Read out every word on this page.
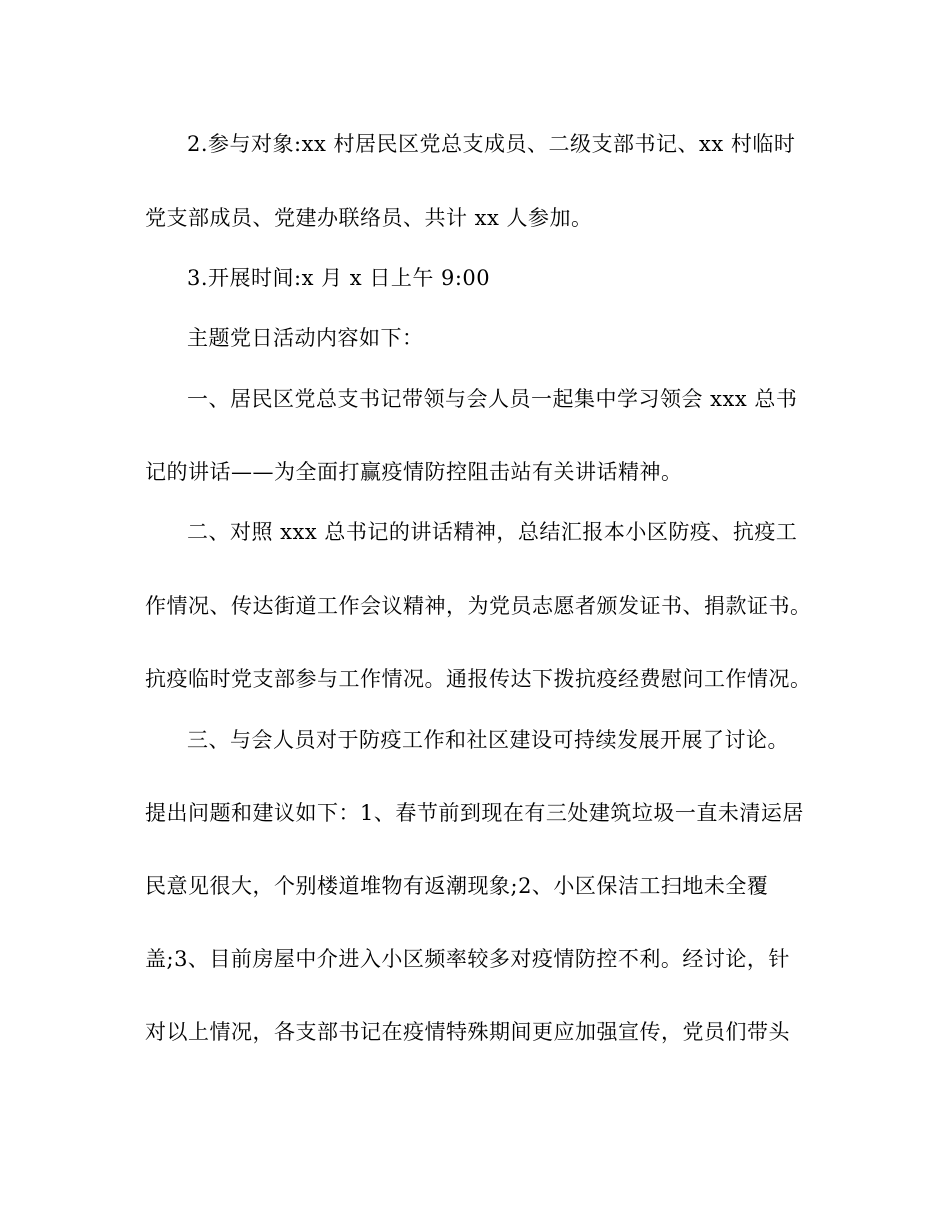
2.参与对象:xx 村居民区党总支成员、二级支部书记、xx 村临时
党支部成员、党建办联络员、共计 xx 人参加。
3.开展时间:x 月 x 日上午 9:00
主题党日活动内容如下：
一、居民区党总支书记带领与会人员一起集中学习领会 xxx 总书
记的讲话——为全面打赢疫情防控阻击站有关讲话精神。
二、对照 xxx 总书记的讲话精神，总结汇报本小区防疫、抗疫工
作情况、传达街道工作会议精神，为党员志愿者颁发证书、捐款证书。
抗疫临时党支部参与工作情况。通报传达下拨抗疫经费慰问工作情况。
三、与会人员对于防疫工作和社区建设可持续发展开展了讨论。
提出问题和建议如下：1、春节前到现在有三处建筑垃圾一直未清运居
民意见很大，个别楼道堆物有返潮现象;2、小区保洁工扫地未全覆
盖;3、目前房屋中介进入小区频率较多对疫情防控不利。经讨论，针
对以上情况，各支部书记在疫情特殊期间更应加强宣传，党员们带头
